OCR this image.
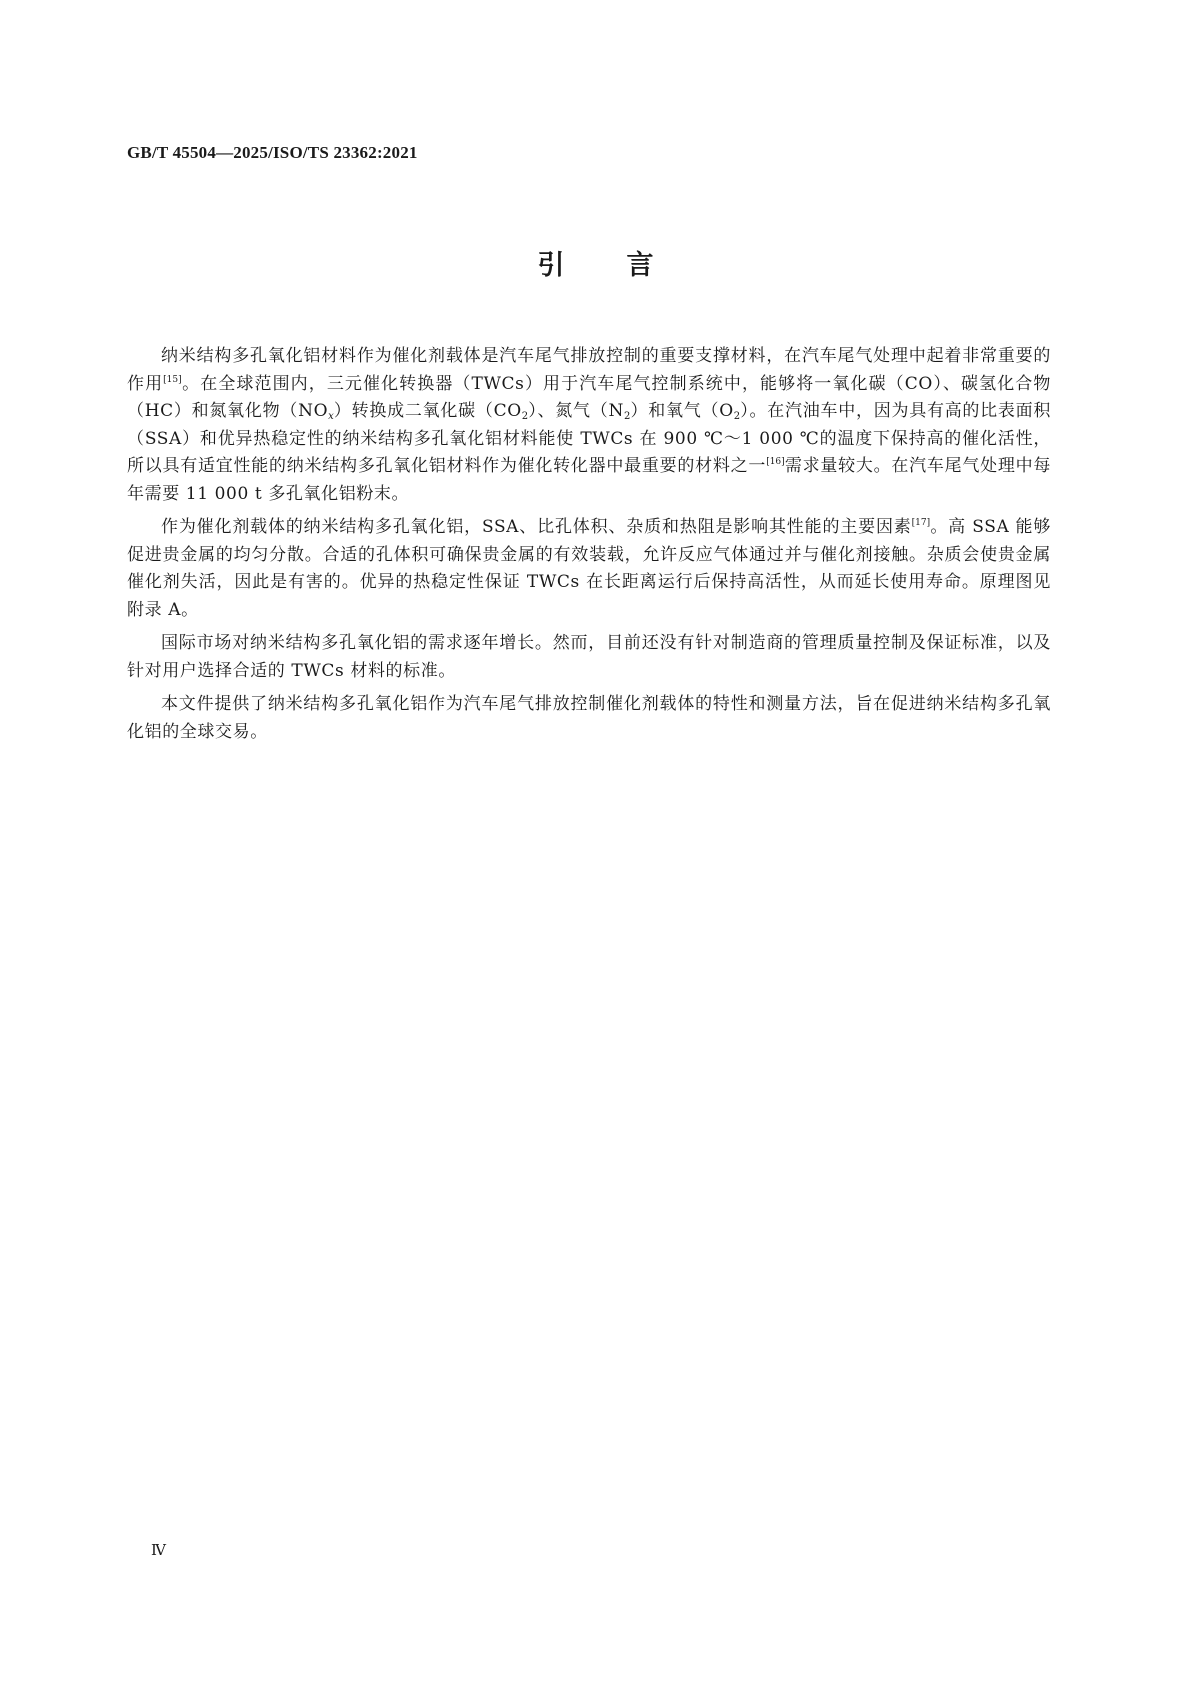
GB/T 45504—2025/ISO/TS 23362:2021
引言

纳米结构多孔氧化铝材料作为催化剂载体是汽车尾气排放控制的重要支撑材料，在汽车尾气处理中起着非常重要的作用[15]。在全球范围内，三元催化转换器（TWCs）用于汽车尾气控制系统中，能够将一氧化碳（CO）、碳氢化合物（HC）和氮氧化物$(NO_x)$转换成二氧化碳$(CO_2)$、氮气$(N_2)$和氧气$(O_2)$。在汽油车中，因为具有高的比表面积（SSA）和优异热稳定性的纳米结构多孔氧化铝材料能使 TWCs 在 900 ℃～1 000 ℃的温度下保持高的催化活性，所以具有适宜性能的纳米结构多孔氧化铝材料作为催化转化器中最重要的材料之一[16]需求量较大。在汽车尾气处理中每年需要 11 000 t 多孔氧化铝粉末。

作为催化剂载体的纳米结构多孔氧化铝，SSA、比孔体积、杂质和热阻是影响其性能的主要因素[17]。高 SSA 能够促进贵金属的均匀分散。合适的孔体积可确保贵金属的有效装载，允许反应气体通过并与催化剂接触。杂质会使贵金属催化剂失活，因此是有害的。优异的热稳定性保证 TWCs 在长距离运行后保持高活性，从而延长使用寿命。原理图见附录 A。

国际市场对纳米结构多孔氧化铝的需求逐年增长。然而，目前还没有针对制造商的管理质量控制及保证标准，以及针对用户选择合适的 TWCs 材料的标准。

本文件提供了纳米结构多孔氧化铝作为汽车尾气排放控制催化剂载体的特性和测量方法，旨在促进纳米结构多孔氧化铝的全球交易。

Ⅳ
